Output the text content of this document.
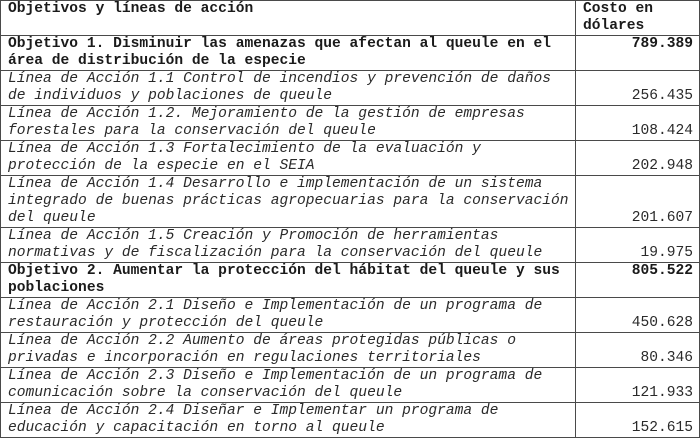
Objetivos y líneas de acción	Costo en dólares
Objetivo 1. Disminuir las amenazas que afectan al queule en el área de distribución de la especie	789.389
Línea de Acción 1.1 Control de incendios y prevención de daños de individuos y poblaciones de queule	256.435
Línea de Acción 1.2. Mejoramiento de la gestión de empresas forestales para la conservación del queule	108.424
Línea de Acción 1.3 Fortalecimiento de la evaluación y protección de la especie en el SEIA	202.948
Línea de Acción 1.4 Desarrollo e implementación de un sistema integrado de buenas prácticas agropecuarias para la conservación del queule	201.607
Línea de Acción 1.5 Creación y Promoción de herramientas normativas y de fiscalización para la conservación del queule	19.975
Objetivo 2. Aumentar la protección del hábitat del queule y sus poblaciones	805.522
Línea de Acción 2.1 Diseño e Implementación de un programa de restauración y protección del queule	450.628
Línea de Acción 2.2 Aumento de áreas protegidas públicas o privadas e incorporación en regulaciones territoriales	80.346
Línea de Acción 2.3 Diseño e Implementación de un programa de comunicación sobre la conservación del queule	121.933
Línea de Acción 2.4 Diseñar e Implementar un programa de educación y capacitación en torno al queule	152.615
